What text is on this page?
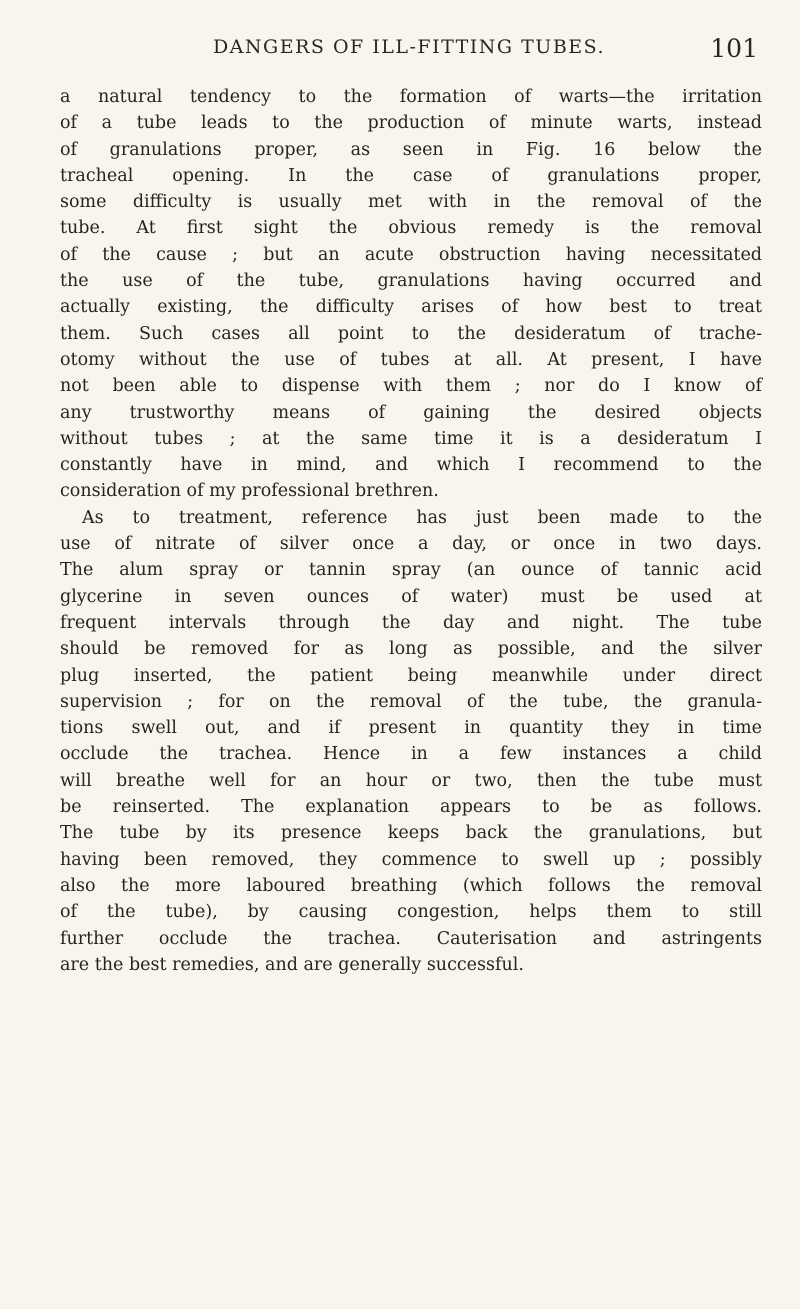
DANGERS OF ILL-FITTING TUBES.	101
a natural tendency to the formation of warts—the irritation
of a tube leads to the production of minute warts, instead
of granulations proper, as seen in Fig. 16 below the
tracheal opening. In the case of granulations proper,
some difficulty is usually met with in the removal of the
tube. At first sight the obvious remedy is the removal
of the cause ; but an acute obstruction having necessitated
the use of the tube, granulations having occurred and
actually existing, the difficulty arises of how best to treat
them. Such cases all point to the desideratum of trache-
otomy without the use of tubes at all. At present, I have
not been able to dispense with them ; nor do I know of
any trustworthy means of gaining the desired objects
without tubes ; at the same time it is a desideratum I
constantly have in mind, and which I recommend to the
consideration of my professional brethren.
As to treatment, reference has just been made to the
use of nitrate of silver once a day, or once in two days.
The alum spray or tannin spray (an ounce of tannic acid
glycerine in seven ounces of water) must be used at
frequent intervals through the day and night. The tube
should be removed for as long as possible, and the silver
plug inserted, the patient being meanwhile under direct
supervision ; for on the removal of the tube, the granula-
tions swell out, and if present in quantity they in time
occlude the trachea. Hence in a few instances a child
will breathe well for an hour or two, then the tube must
be reinserted. The explanation appears to be as follows.
The tube by its presence keeps back the granulations, but
having been removed, they commence to swell up ; possibly
also the more laboured breathing (which follows the removal
of the tube), by causing congestion, helps them to still
further occlude the trachea. Cauterisation and astringents
are the best remedies, and are generally successful.
